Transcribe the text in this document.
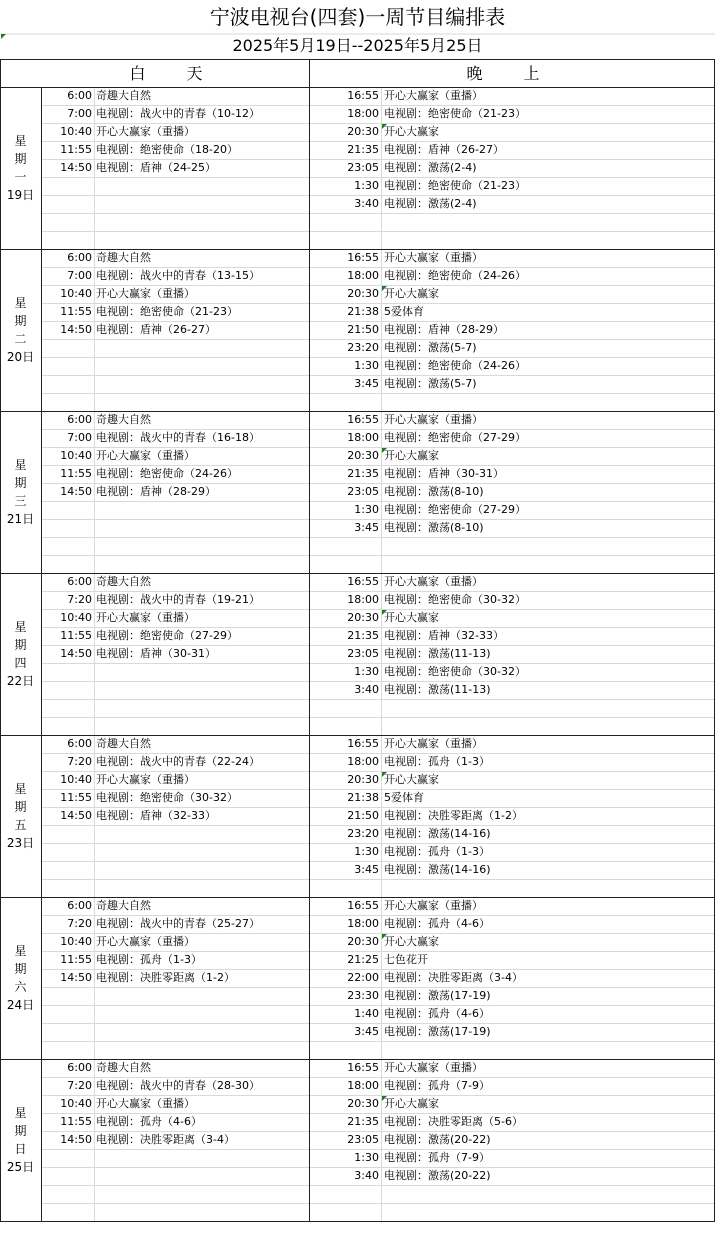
宁波电视台(四套)一周节目编排表
2025年5月19日--2025年5月25日
白 天	晚 上
星
期
一
19日
6:00 奇趣大自然
7:00 电视剧：战火中的青春（10-12）
10:40 开心大赢家（重播）
11:55 电视剧：绝密使命（18-20）
14:50 电视剧：盾神（24-25）
16:55 开心大赢家（重播）
18:00 电视剧：绝密使命（21-23）
20:30 开心大赢家
21:35 电视剧：盾神（26-27）
23:05 电视剧：激荡(2-4)
1:30 电视剧：绝密使命（21-23）
3:40 电视剧：激荡(2-4)
星
期
二
20日
6:00 奇趣大自然
7:00 电视剧：战火中的青春（13-15）
10:40 开心大赢家（重播）
11:55 电视剧：绝密使命（21-23）
14:50 电视剧：盾神（26-27）
16:55 开心大赢家（重播）
18:00 电视剧：绝密使命（24-26）
20:30 开心大赢家
21:38 5爱体育
21:50 电视剧：盾神（28-29）
23:20 电视剧：激荡(5-7)
1:30 电视剧：绝密使命（24-26）
3:45 电视剧：激荡(5-7)
星
期
三
21日
6:00 奇趣大自然
7:00 电视剧：战火中的青春（16-18）
10:40 开心大赢家（重播）
11:55 电视剧：绝密使命（24-26）
14:50 电视剧：盾神（28-29）
16:55 开心大赢家（重播）
18:00 电视剧：绝密使命（27-29）
20:30 开心大赢家
21:35 电视剧：盾神（30-31）
23:05 电视剧：激荡(8-10)
1:30 电视剧：绝密使命（27-29）
3:45 电视剧：激荡(8-10)
星
期
四
22日
6:00 奇趣大自然
7:20 电视剧：战火中的青春（19-21）
10:40 开心大赢家（重播）
11:55 电视剧：绝密使命（27-29）
14:50 电视剧：盾神（30-31）
16:55 开心大赢家（重播）
18:00 电视剧：绝密使命（30-32）
20:30 开心大赢家
21:35 电视剧：盾神（32-33）
23:05 电视剧：激荡(11-13)
1:30 电视剧：绝密使命（30-32）
3:40 电视剧：激荡(11-13)
星
期
五
23日
6:00 奇趣大自然
7:20 电视剧：战火中的青春（22-24）
10:40 开心大赢家（重播）
11:55 电视剧：绝密使命（30-32）
14:50 电视剧：盾神（32-33）
16:55 开心大赢家（重播）
18:00 电视剧：孤舟（1-3）
20:30 开心大赢家
21:38 5爱体育
21:50 电视剧：决胜零距离（1-2）
23:20 电视剧：激荡(14-16)
1:30 电视剧：孤舟（1-3）
3:45 电视剧：激荡(14-16)
星
期
六
24日
6:00 奇趣大自然
7:20 电视剧：战火中的青春（25-27）
10:40 开心大赢家（重播）
11:55 电视剧：孤舟（1-3）
14:50 电视剧：决胜零距离（1-2）
16:55 开心大赢家（重播）
18:00 电视剧：孤舟（4-6）
20:30 开心大赢家
21:25 七色花开
22:00 电视剧：决胜零距离（3-4）
23:30 电视剧：激荡(17-19)
1:40 电视剧：孤舟（4-6）
3:45 电视剧：激荡(17-19)
星
期
日
25日
6:00 奇趣大自然
7:20 电视剧：战火中的青春（28-30）
10:40 开心大赢家（重播）
11:55 电视剧：孤舟（4-6）
14:50 电视剧：决胜零距离（3-4）
16:55 开心大赢家（重播）
18:00 电视剧：孤舟（7-9）
20:30 开心大赢家
21:35 电视剧：决胜零距离（5-6）
23:05 电视剧：激荡(20-22)
1:30 电视剧：孤舟（7-9）
3:40 电视剧：激荡(20-22)
